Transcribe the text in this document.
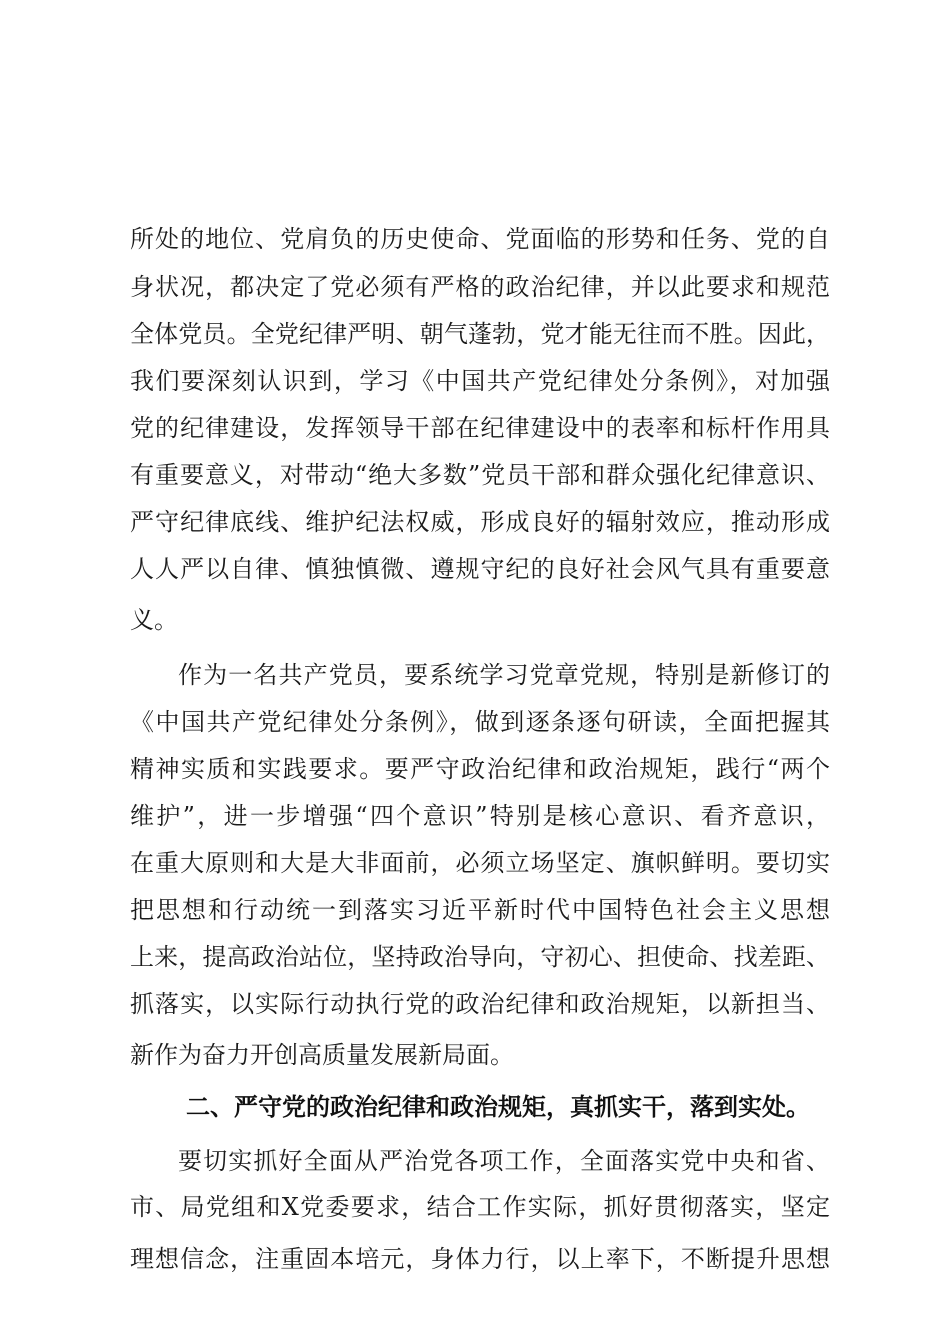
所处的地位、党肩负的历史使命、党面临的形势和任务、党的自
身状况，都决定了党必须有严格的政治纪律，并以此要求和规范
全体党员。全党纪律严明、朝气蓬勃，党才能无往而不胜。因此，
我们要深刻认识到，学习《中国共产党纪律处分条例》，对加强
党的纪律建设，发挥领导干部在纪律建设中的表率和标杆作用具
有重要意义，对带动“绝大多数”党员干部和群众强化纪律意识、
严守纪律底线、维护纪法权威，形成良好的辐射效应，推动形成
人人严以自律、慎独慎微、遵规守纪的良好社会风气具有重要意
义。
作为一名共产党员，要系统学习党章党规，特别是新修订的
《中国共产党纪律处分条例》，做到逐条逐句研读，全面把握其
精神实质和实践要求。要严守政治纪律和政治规矩，践行“两个
维护”，进一步增强“四个意识”特别是核心意识、看齐意识，
在重大原则和大是大非面前，必须立场坚定、旗帜鲜明。要切实
把思想和行动统一到落实习近平新时代中国特色社会主义思想
上来，提高政治站位，坚持政治导向，守初心、担使命、找差距、
抓落实，以实际行动执行党的政治纪律和政治规矩，以新担当、
新作为奋力开创高质量发展新局面。
二、严守党的政治纪律和政治规矩，真抓实干，落到实处。
要切实抓好全面从严治党各项工作，全面落实党中央和省、
市、局党组和X党委要求，结合工作实际，抓好贯彻落实，坚定
理想信念，注重固本培元，身体力行，以上率下，不断提升思想
